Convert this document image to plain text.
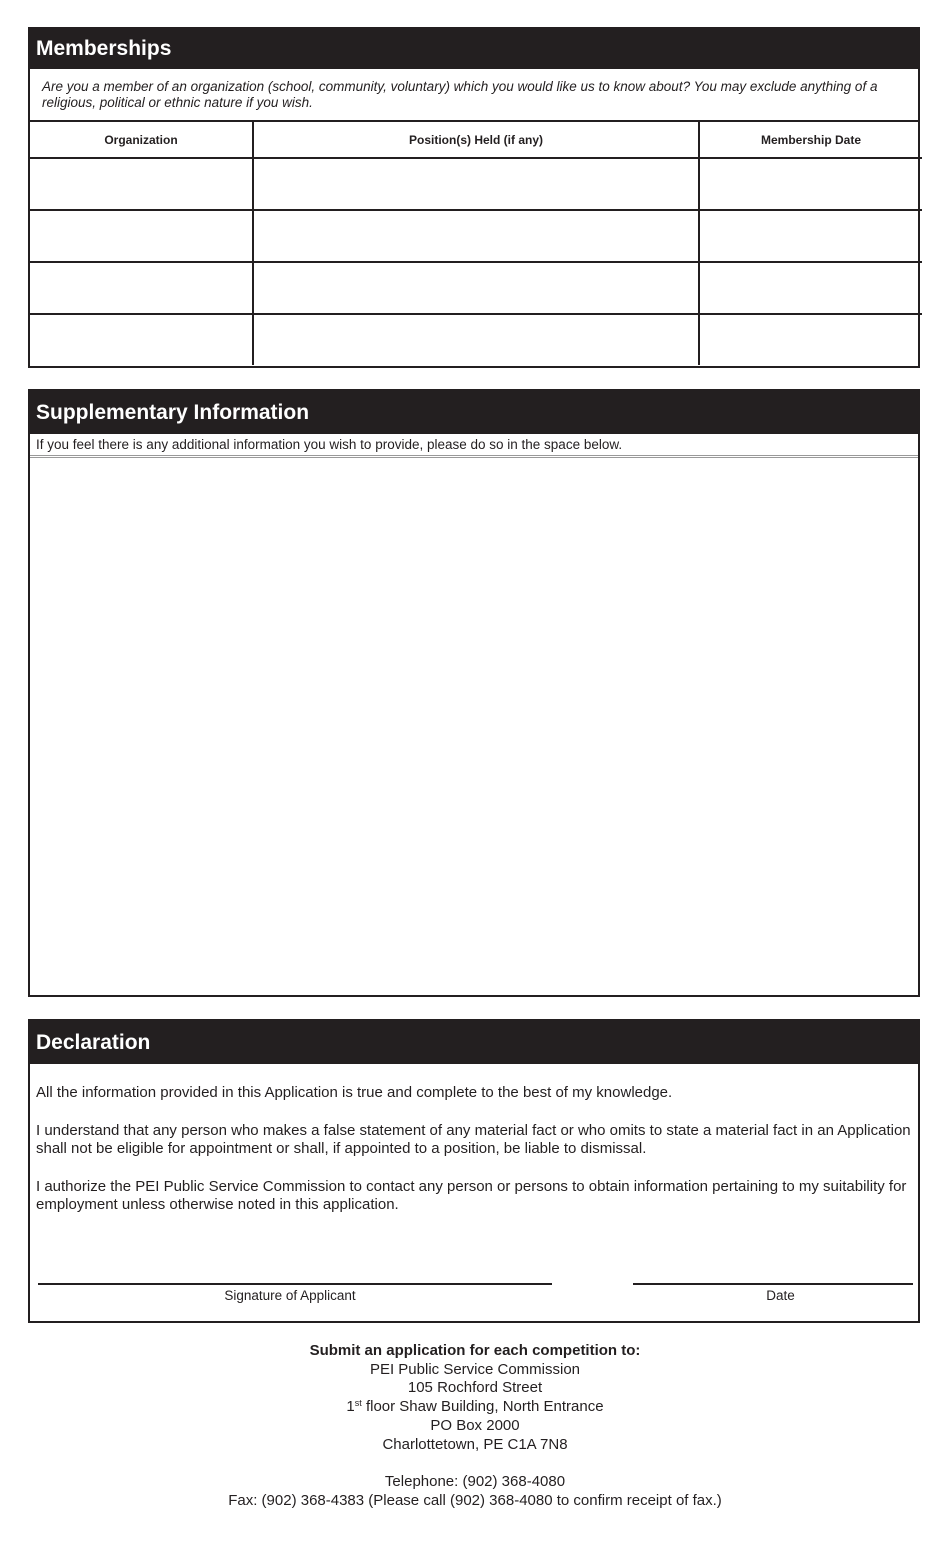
Memberships
Are you a member of an organization (school, community, voluntary) which you would like us to know about? You may exclude anything of a religious, political or ethnic nature if you wish.
Organization	Position(s) Held (if any)	Membership Date

Supplementary Information
If you feel there is any additional information you wish to provide, please do so in the space below.
Declaration

All the information provided in this Application is true and complete to the best of my knowledge.

I understand that any person who makes a false statement of any material fact or who omits to state a material fact in an Application shall not be eligible for appointment or shall, if appointed to a position, be liable to dismissal.

I authorize the PEI Public Service Commission to contact any person or persons to obtain information pertaining to my suitability for employment unless otherwise noted in this application.

Signature of Applicant	Date
Submit an application for each competition to:
PEI Public Service Commission
105 Rochford Street
1st floor Shaw Building, North Entrance
PO Box 2000
Charlottetown, PE C1A 7N8
Telephone: (902) 368-4080
Fax: (902) 368-4383 (Please call (902) 368-4080 to confirm receipt of fax.)
